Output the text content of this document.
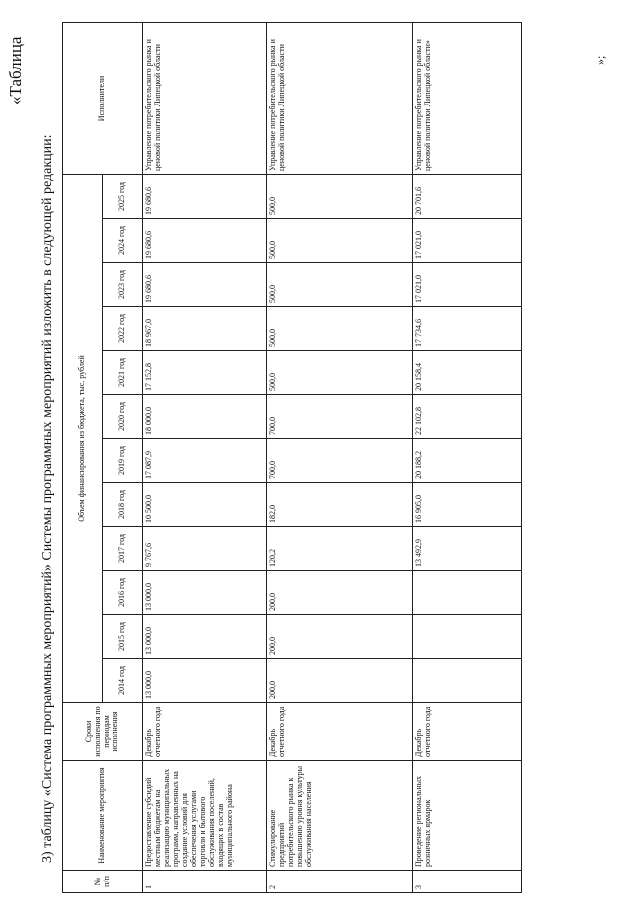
«Таблица
3) таблицу «Система программных мероприятий» Системы программных мероприятий изложить в следующей редакции:
№ п/п	Наименование мероприятия	Сроки исполнения по периодам исполнения	Объем финансирования из бюджета, тыс. рублей												Исполнители
			2014 год	2015 год	2016 год	2017 год	2018 год	2019 год	2020 год	2021 год	2022 год	2023 год	2024 год	2025 год	
1	Предоставление субсидий местным бюджетам на реализацию муниципальных программ, направленных на создание условий для обеспечения услугами торговли и бытового обслуживания поселений, входящих в состав муниципального района	Декабрь отчетного года	13 000,0	13 000,0	13 000,0	9 767,6	10 500,0	17 087,9	18 000,0	17 152,8	18 967,0	19 680,6	19 680,6	19 680,6	Управление потребительского рынка и ценовой политики Липецкой области
2	Стимулирование предприятий потребительского рынка к повышению уровня культуры обслуживания населения	Декабрь отчетного года	200,0	200,0	200,0	120,2	182,0	700,0	700,0	500,0	500,0	500,0	500,0	500,0	Управление потребительского рынка и ценовой политики Липецкой области
3	Проведение региональных розничных ярмарок	Декабрь отчетного года				13 492,9	16 905,0	20 188,2	22 102,8	20 158,4	17 734,6	17 021,0	17 021,0	20 701,6	Управление потребительского рынка и ценовой политики Липецкой области»	»;
